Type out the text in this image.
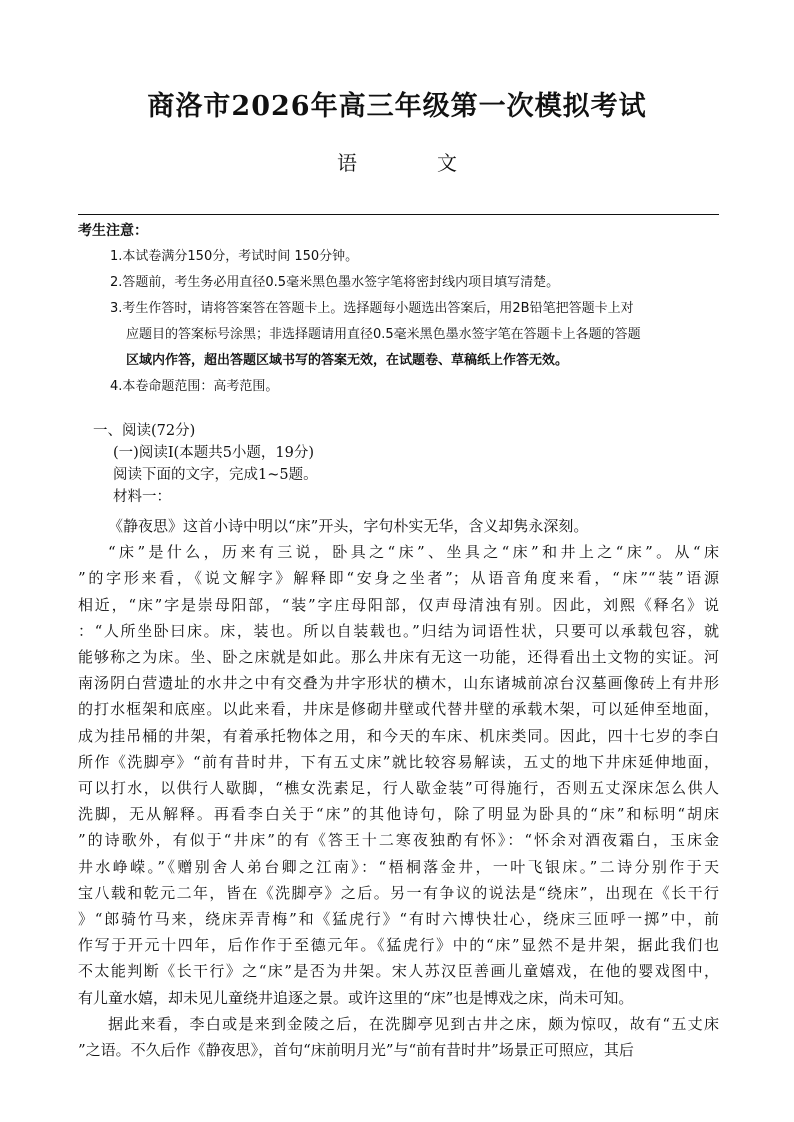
商洛市2026年高三年级第一次模拟考试
语文
考生注意：
1.本试卷满分150分，考试时间 150分钟。
2.答题前，考生务必用直径0.5毫米黑色墨水签字笔将密封线内项目填写清楚。
3.考生作答时，请将答案答在答题卡上。选择题每小题选出答案后，用2B铅笔把答题卡上对
应题目的答案标号涂黑；非选择题请用直径0.5毫米黑色墨水签字笔在答题卡上各题的答题
区域内作答，超出答题区域书写的答案无效，在试题卷、草稿纸上作答无效。
4.本卷命题范围：高考范围。
一、阅读(72分)
(一)阅读Ⅰ(本题共5小题，19分)
阅读下面的文字，完成1~5题。
材料一：
《静夜思》这首小诗中明以“床”开头，字句朴实无华，含义却隽永深刻。
“床”是什么，历来有三说，卧具之“床”、坐具之“床”和井上之“床”。从“床
”的字形来看，《说文解字》解释即“安身之坐者”；从语音角度来看，“床”“装”语源
相近，“床”字是崇母阳部，“装”字庄母阳部，仅声母清浊有别。因此，刘熙《释名》说
：“人所坐卧曰床。床，装也。所以自装载也。”归结为词语性状，只要可以承载包容，就
能够称之为床。坐、卧之床就是如此。那么井床有无这一功能，还得看出土文物的实证。河
南汤阴白营遗址的水井之中有交叠为井字形状的横木，山东诸城前凉台汉墓画像砖上有井形
的打水框架和底座。以此来看，井床是修砌井壁或代替井壁的承载木架，可以延伸至地面，
成为挂吊桶的井架，有着承托物体之用，和今天的车床、机床类同。因此，四十七岁的李白
所作《洗脚亭》“前有昔时井，下有五丈床”就比较容易解读，五丈的地下井床延伸地面，
可以打水，以供行人歇脚，“樵女洗素足，行人歇金装”可得施行，否则五丈深床怎么供人
洗脚，无从解释。再看李白关于“床”的其他诗句，除了明显为卧具的“床”和标明“胡床
”的诗歌外，有似于“井床”的有《答王十二寒夜独酌有怀》：“怀余对酒夜霜白，玉床金
井水峥嵘。”《赠别舍人弟台卿之江南》：“梧桐落金井，一叶飞银床。”二诗分别作于天
宝八载和乾元二年，皆在《洗脚亭》之后。另一有争议的说法是“绕床”，出现在《长干行
》“郎骑竹马来，绕床弄青梅”和《猛虎行》“有时六博快壮心，绕床三匝呼一掷”中，前
作写于开元十四年，后作作于至德元年。《猛虎行》中的“床”显然不是井架，据此我们也
不太能判断《长干行》之“床”是否为井架。宋人苏汉臣善画儿童嬉戏，在他的婴戏图中，
有儿童水嬉，却未见儿童绕井追逐之景。或许这里的“床”也是博戏之床，尚未可知。
据此来看，李白或是来到金陵之后，在洗脚亭见到古井之床，颇为惊叹，故有“五丈床
”之语。不久后作《静夜思》，首句“床前明月光”与“前有昔时井”场景正可照应，其后
